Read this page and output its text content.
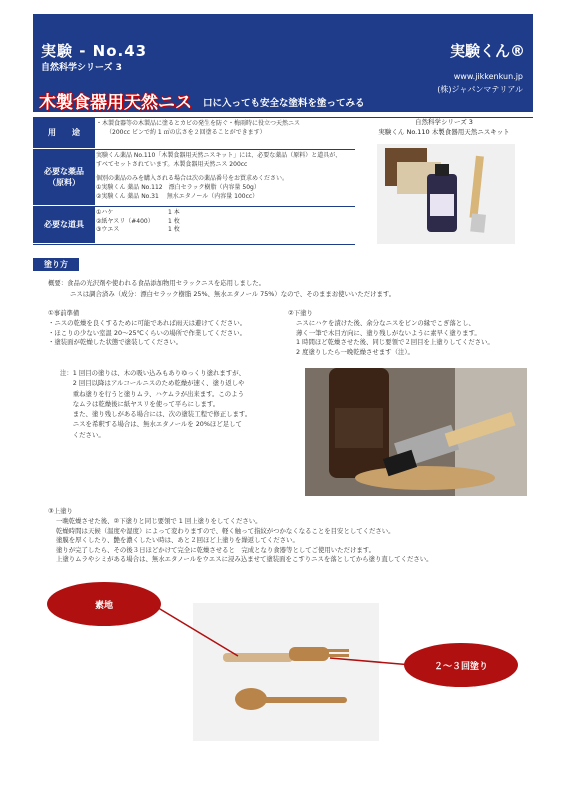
実験 - No.43
自然科学シリーズ 3
実験くん®
www.jikkenkun.jp
(株)ジャパンマテリアル
木製食器用天然ニス 口に入っても安全な塗料を塗ってみる
用　　途
・木製食器等の木製品に塗るとカビの発生を防ぐ・梅雨時に役立つ天然ニス
（200cc ビンで約 1 ㎡の広さを２回塗ることができます）
必要な薬品
（原料）
実験くん薬品 No.110「木製食器用天然ニスキット」には、必要な薬品（原料）と道具が、
すべてセットされています。木製食器用天然ニス 200cc
個別の薬品のみを購入される場合は次の薬品番号をお買求めください。
①実験くん 薬品 No.112　漂白セラック樹脂（内容量 50g）
②実験くん 薬品 No.31　 無水エタノール（内容量 100cc）
必要な道具
①ハケ	1 本
②紙ヤスリ（#400）	1 枚
③ウエス	1 枚
自然科学シリーズ 3
実験くん No.110 木製食器用天然ニスキット
塗り方
概要：食品の光沢剤や使われる食品添加物用セラックニスを応用しました。
ニスは調合済み（成分：漂白セラック樹脂 25%、無水エタノール 75%）なので、そのままお使いいただけます。
①事前準備
・ニスの乾燥を良くするために可能であれば雨天は避けてください。
・ほこりの少ない室温 20～25℃くらいの場所で作業してください。
・塗装面が乾燥した状態で塗装してください。
②下塗り
ニスにハケを漬けた後、余分なニスをビンの縁でこぎ落とし、
薄く一筆で木目方向に、塗り残しがないように素早く塗ります。
1 時間ほど乾燥させた後、同じ要領で２回目を上塗りしてください。
2 度塗りしたら一晩乾燥させます（注）。
注：1 回目の塗りは、木の吸い込みもありゆっくり塗れますが、
　　2 回目以降はアルコールニスのため乾燥が速く、塗り返しや
　　重ね塗りを行うと塗りムラ、ハケムラが出来ます。このよう
　　なムラは乾燥後に紙ヤスリを使って平らにします。
　　また、塗り残しがある場合には、次の塗装工程で修正します。
　　ニスを希釈する場合は、無水エタノールを 20%ほど足して
　　ください。
③上塗り
一晩乾燥させた後、②下塗りと同じ要領で 1 回上塗りをしてください。
乾燥時間は天候（温度や湿度）によって変わりますので、軽く触って指紋がつかなくなることを目安としてください。
塗膜を厚くしたり、艶を濃くしたい時は、あと２回ほど上塗りを繰返してください。
塗りが完了したら、その後３日ほどかけて完全に乾燥させると　完成となり食器等としてご使用いただけます。
上塗りムラやシミがある場合は、無水エタノールをウエスに浸み込ませて塗装面をこすりニスを落としてから塗り直してください。
素地
２～３回塗り
